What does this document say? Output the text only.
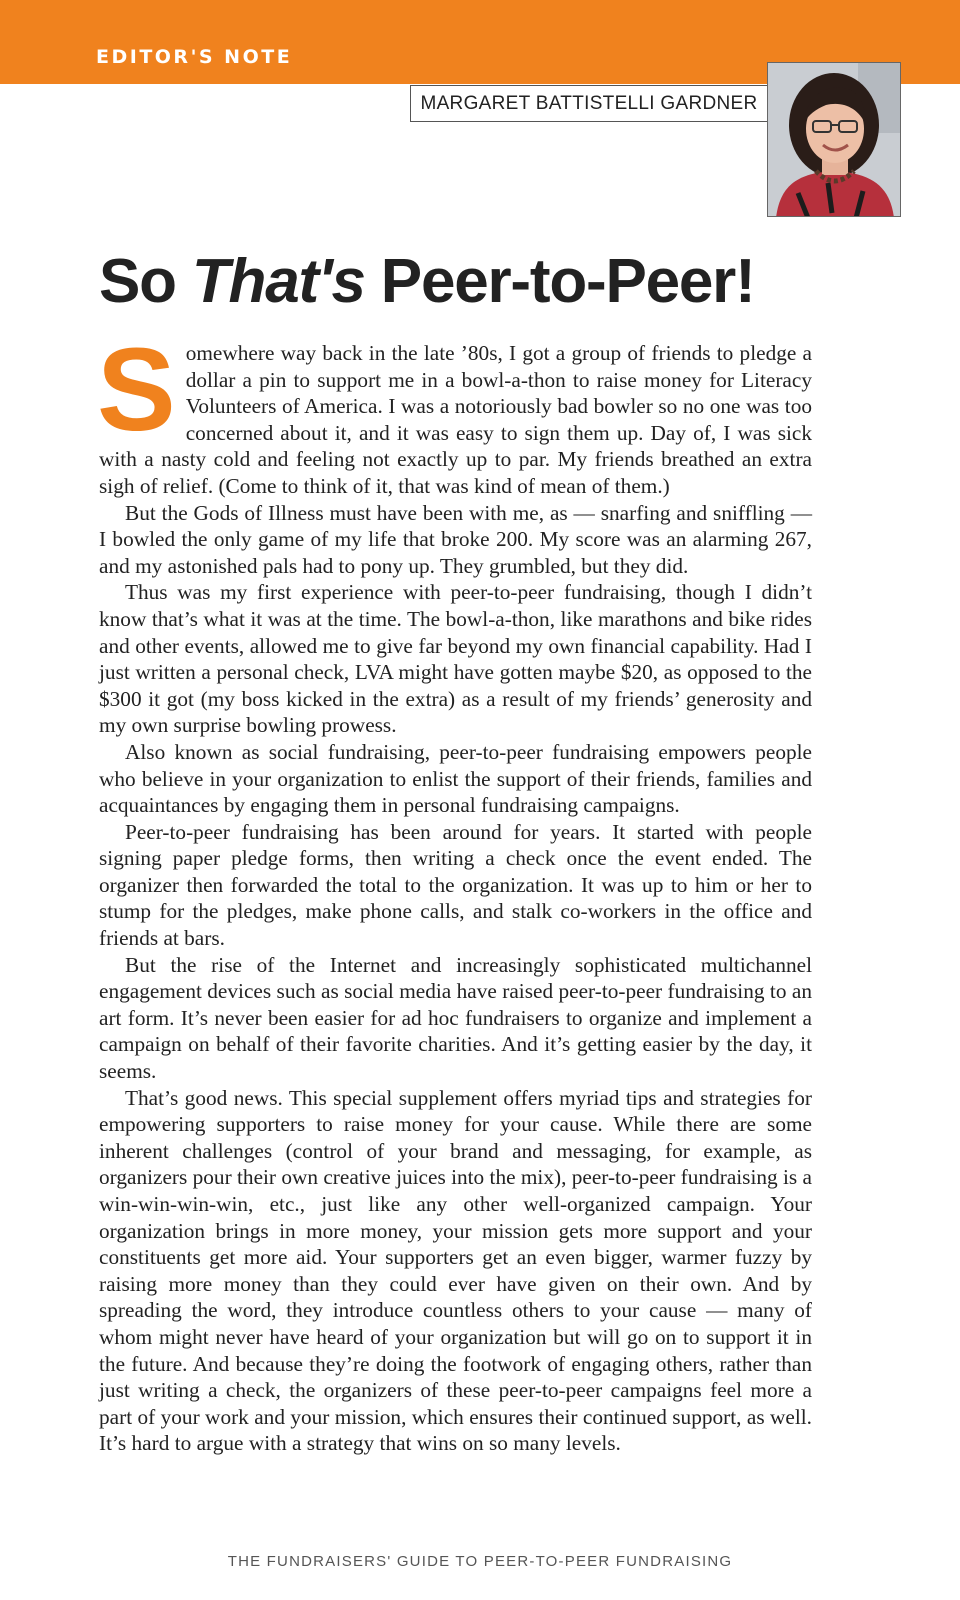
EDITOR'S NOTE
MARGARET BATTISTELLI GARDNER
So That's Peer-to-Peer!

Somewhere way back in the late ’80s, I got a group of friends to pledge a dollar a pin to support me in a bowl-a-thon to raise money for Literacy Volunteers of America. I was a notoriously bad bowler so no one was too concerned about it, and it was easy to sign them up. Day of, I was sick with a nasty cold and feeling not exactly up to par. My friends breathed an extra sigh of relief. (Come to think of it, that was kind of mean of them.)

But the Gods of Illness must have been with me, as — snarfing and sniffling — I bowled the only game of my life that broke 200. My score was an alarming 267, and my astonished pals had to pony up. They grumbled, but they did.

Thus was my first experience with peer-to-peer fundraising, though I didn’t know that’s what it was at the time. The bowl-a-thon, like marathons and bike rides and other events, allowed me to give far beyond my own financial capability. Had I just written a personal check, LVA might have gotten maybe $20, as opposed to the $300 it got (my boss kicked in the extra) as a result of my friends’ generosity and my own surprise bowling prowess.

Also known as social fundraising, peer-to-peer fundraising empowers people who believe in your organization to enlist the support of their friends, families and acquaintances by engaging them in personal fundraising campaigns.

Peer-to-peer fundraising has been around for years. It started with people signing paper pledge forms, then writing a check once the event ended. The organizer then forwarded the total to the organization. It was up to him or her to stump for the pledges, make phone calls, and stalk co-workers in the office and friends at bars.

But the rise of the Internet and increasingly sophisticated multichannel engagement devices such as social media have raised peer-to-peer fundraising to an art form. It’s never been easier for ad hoc fundraisers to organize and implement a campaign on behalf of their favorite charities. And it’s getting easier by the day, it seems.

That’s good news. This special supplement offers myriad tips and strategies for empowering supporters to raise money for your cause. While there are some inherent challenges (control of your brand and messaging, for example, as organizers pour their own creative juices into the mix), peer-to-peer fundraising is a win-win-win-win, etc., just like any other well-organized campaign. Your organization brings in more money, your mission gets more support and your constituents get more aid. Your supporters get an even bigger, warmer fuzzy by raising more money than they could ever have given on their own. And by spreading the word, they introduce countless others to your cause — many of whom might never have heard of your organization but will go on to support it in the future. And because they’re doing the footwork of engaging others, rather than just writing a check, the organizers of these peer-to-peer campaigns feel more a part of your work and your mission, which ensures their continued support, as well. It’s hard to argue with a strategy that wins on so many levels.

THE FUNDRAISERS' GUIDE TO PEER-TO-PEER FUNDRAISING
